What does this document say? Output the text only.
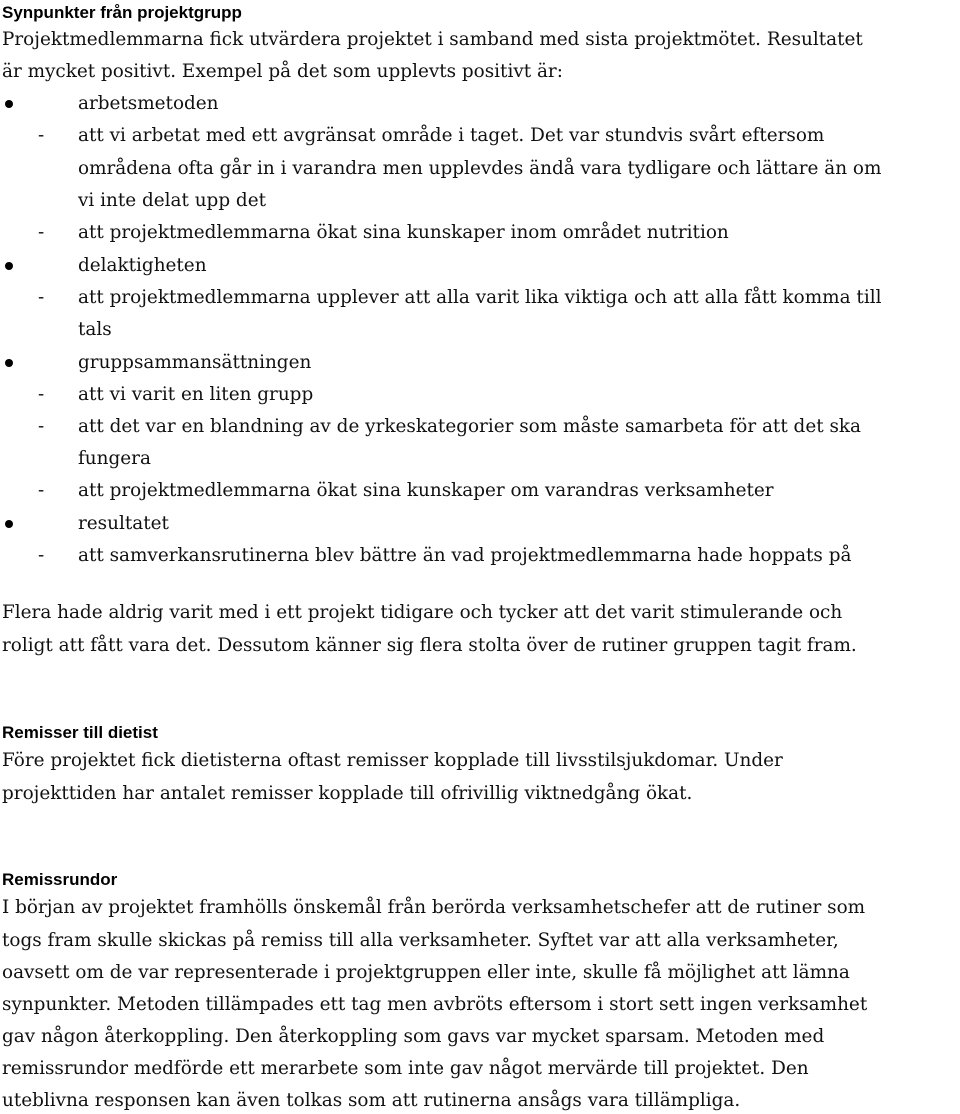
Synpunkter från projektgrupp
Projektmedlemmarna fick utvärdera projektet i samband med sista projektmötet. Resultatet
är mycket positivt. Exempel på det som upplevts positivt är:
arbetsmetoden
- att vi arbetat med ett avgränsat område i taget. Det var stundvis svårt eftersom
områdena ofta går in i varandra men upplevdes ändå vara tydligare och lättare än om
vi inte delat upp det
- att projektmedlemmarna ökat sina kunskaper inom området nutrition
delaktigheten
- att projektmedlemmarna upplever att alla varit lika viktiga och att alla fått komma till
tals
gruppsammansättningen
- att vi varit en liten grupp
- att det var en blandning av de yrkeskategorier som måste samarbeta för att det ska
fungera
- att projektmedlemmarna ökat sina kunskaper om varandras verksamheter
resultatet
- att samverkansrutinerna blev bättre än vad projektmedlemmarna hade hoppats på
Flera hade aldrig varit med i ett projekt tidigare och tycker att det varit stimulerande och
roligt att fått vara det. Dessutom känner sig flera stolta över de rutiner gruppen tagit fram.
Remisser till dietist
Före projektet fick dietisterna oftast remisser kopplade till livsstilsjukdomar. Under
projekttiden har antalet remisser kopplade till ofrivillig viktnedgång ökat.
Remissrundor
I början av projektet framhölls önskemål från berörda verksamhetschefer att de rutiner som
togs fram skulle skickas på remiss till alla verksamheter. Syftet var att alla verksamheter,
oavsett om de var representerade i projektgruppen eller inte, skulle få möjlighet att lämna
synpunkter. Metoden tillämpades ett tag men avbröts eftersom i stort sett ingen verksamhet
gav någon återkoppling. Den återkoppling som gavs var mycket sparsam. Metoden med
remissrundor medförde ett merarbete som inte gav något mervärde till projektet. Den
uteblivna responsen kan även tolkas som att rutinerna ansågs vara tillämpliga.
